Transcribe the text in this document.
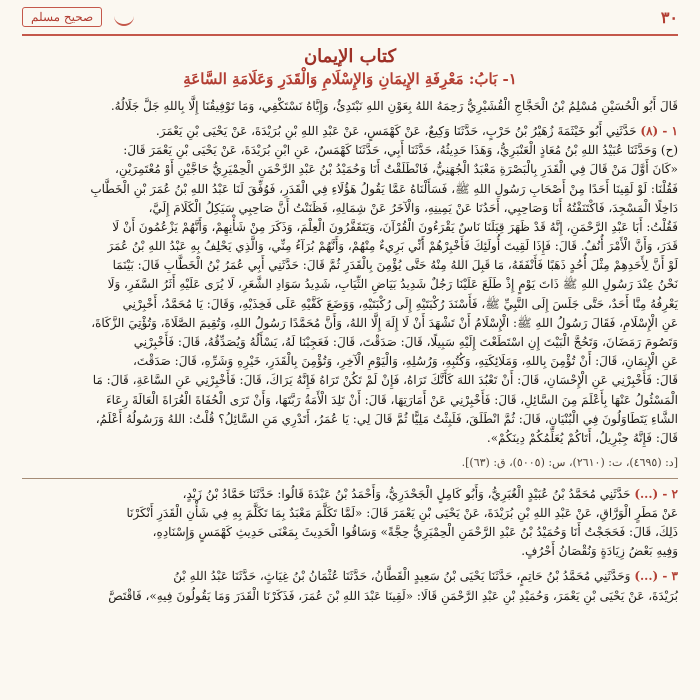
صحيح مسلم	٣٠
كتاب الإيمان
١- بَابُ: مَعْرِفَةِ الإِيمَانِ وَالإِسْلَامِ وَالْقَدَرِ وَعَلَامَةِ السَّاعَةِ

قَالَ أَبُو الْحُسَيْنِ مُسْلِمُ بْنُ الْحَجَّاجِ الْقُشَيْرِيُّ رَحِمَهُ اللهُ بِعَوْنِ اللهِ نَبْتَدِئُ، وَإِيَّاهُ نَسْتَكْفِي، وَمَا تَوْفِيقُنَا إِلَّا بِاللهِ جَلَّ جَلَالُهُ.

١ - (٨) حَدَّثَنِي أَبُو خَيْثَمَةَ زُهَيْرُ بْنُ حَرْبٍ، حَدَّثَنَا وَكِيعٌ، عَنْ كَهْمَسٍ، عَنْ عَبْدِ اللهِ بْنِ بُرَيْدَةَ، عَنْ يَحْيَى بْنِ يَعْمَرَ.
(ح) وَحَدَّثَنَا عُبَيْدُ اللهِ بْنُ مُعَاذٍ الْعَنْبَرِيُّ، وَهَذَا حَدِيثُهُ، حَدَّثَنَا أَبِي، حَدَّثَنَا كَهْمَسٌ، عَنِ ابْنِ بُرَيْدَةَ، عَنْ يَحْيَى بْنِ يَعْمَرَ قَالَ:
«كَانَ أَوَّلَ مَنْ قَالَ فِي الْقَدَرِ بِالْبَصْرَةِ مَعْبَدٌ الْجُهَنِيُّ، فَانْطَلَقْتُ أَنَا وَحُمَيْدُ بْنُ عَبْدِ الرَّحْمَنِ الْحِمْيَرِيُّ حَاجَّيْنِ أَوْ مُعْتَمِرَيْنِ،
فَقُلْنَا: لَوْ لَقِينَا أَحَدًا مِنْ أَصْحَابِ رَسُولِ اللهِ ﷺ، فَسَأَلْنَاهُ عَمَّا يَقُولُ هَؤُلَاءِ فِي الْقَدَرِ، فَوُفِّقَ لَنَا عَبْدُ اللهِ بْنُ عُمَرَ بْنِ الْخَطَّابِ
دَاخِلًا الْمَسْجِدَ، فَاكْتَنَفْتُهُ أَنَا وَصَاحِبِي، أَحَدُنَا عَنْ يَمِينِهِ، وَالْآخَرُ عَنْ شِمَالِهِ، فَظَنَنْتُ أَنَّ صَاحِبِي سَيَكِلُ الْكَلَامَ إِلَيَّ،
فَقُلْتُ: أَبَا عَبْدِ الرَّحْمَنِ، إِنَّهُ قَدْ ظَهَرَ قِبَلَنَا نَاسٌ يَقْرَءُونَ الْقُرْآنَ، وَيَتَقَفَّرُونَ الْعِلْمَ، وَذَكَرَ مِنْ شَأْنِهِمْ، وَأَنَّهُمْ يَزْعُمُونَ أَنْ لَا
قَدَرَ، وَأَنَّ الْأَمْرَ أُنُفٌ. قَالَ: فَإِذَا لَقِيتَ أُولَئِكَ فَأَخْبِرْهُمْ أَنِّي بَرِيءٌ مِنْهُمْ، وَأَنَّهُمْ بُرَآءُ مِنِّي، وَالَّذِي يَحْلِفُ بِهِ عَبْدُ اللهِ بْنُ عُمَرَ
لَوْ أَنَّ لِأَحَدِهِمْ مِثْلَ أُحُدٍ ذَهَبًا فَأَنْفَقَهُ، مَا قَبِلَ اللهُ مِنْهُ حَتَّى يُؤْمِنَ بِالْقَدَرِ ثُمَّ قَالَ: حَدَّثَنِي أَبِي عُمَرُ بْنُ الْخَطَّابِ قَالَ: بَيْنَمَا
نَحْنُ عِنْدَ رَسُولِ اللهِ ﷺ ذَاتَ يَوْمٍ إِذْ طَلَعَ عَلَيْنَا رَجُلٌ شَدِيدُ بَيَاضِ الثِّيَابِ، شَدِيدُ سَوَادِ الشَّعَرِ، لَا يُرَى عَلَيْهِ أَثَرُ السَّفَرِ، وَلَا
يَعْرِفُهُ مِنَّا أَحَدٌ، حَتَّى جَلَسَ إِلَى النَّبِيِّ ﷺ، فَأَسْنَدَ رُكْبَتَيْهِ إِلَى رُكْبَتَيْهِ، وَوَضَعَ كَفَّيْهِ عَلَى فَخِذَيْهِ، وَقَالَ: يَا مُحَمَّدُ، أَخْبِرْنِي
عَنِ الْإِسْلَامِ، فَقَالَ رَسُولُ اللهِ ﷺ: الْإِسْلَامُ أَنْ تَشْهَدَ أَنْ لَا إِلَهَ إِلَّا اللهُ، وَأَنَّ مُحَمَّدًا رَسُولُ اللهِ، وَتُقِيمَ الصَّلَاةَ، وَتُؤْتِيَ الزَّكَاةَ،
وَتَصُومَ رَمَضَانَ، وَتَحُجَّ الْبَيْتَ إِنِ اسْتَطَعْتَ إِلَيْهِ سَبِيلًا، قَالَ: صَدَقْتَ، قَالَ: فَعَجِبْنَا لَهُ، يَسْأَلُهُ وَيُصَدِّقُهُ، قَالَ: فَأَخْبِرْنِي
عَنِ الْإِيمَانِ، قَالَ: أَنْ تُؤْمِنَ بِاللهِ، وَمَلَائِكَتِهِ، وَكُتُبِهِ، وَرُسُلِهِ، وَالْيَوْمِ الْآخِرِ، وَتُؤْمِنَ بِالْقَدَرِ، خَيْرِهِ وَشَرِّهِ، قَالَ: صَدَقْتَ،
قَالَ: فَأَخْبِرْنِي عَنِ الْإِحْسَانِ، قَالَ: أَنْ تَعْبُدَ اللهَ كَأَنَّكَ تَرَاهُ، فَإِنْ لَمْ تَكُنْ تَرَاهُ فَإِنَّهُ يَرَاكَ، قَالَ: فَأَخْبِرْنِي عَنِ السَّاعَةِ، قَالَ: مَا
الْمَسْئُولُ عَنْهَا بِأَعْلَمَ مِنَ السَّائِلِ، قَالَ: فَأَخْبِرْنِي عَنْ أَمَارَتِهَا، قَالَ: أَنْ تَلِدَ الْأَمَةُ رَبَّتَهَا، وَأَنْ تَرَى الْحُفَاةَ الْعُرَاةَ الْعَالَةَ رِعَاءَ
الشَّاءِ يَتَطَاوَلُونَ فِي الْبُنْيَانِ، قَالَ: ثُمَّ انْطَلَقَ، فَلَبِثْتُ مَلِيًّا ثُمَّ قَالَ لِي: يَا عُمَرُ، أَتَدْرِي مَنِ السَّائِلُ؟ قُلْتُ: اللهُ وَرَسُولُهُ أَعْلَمُ،
قَالَ: فَإِنَّهُ جِبْرِيلُ، أَتَاكُمْ يُعَلِّمُكُمْ دِينَكُمْ».

[د: (٤٦٩٥)، ت: (٢٦١٠)، س: (٥٠٠٥)، ق: (٦٣)].

٢ - (...) حَدَّثَنِي مُحَمَّدُ بْنُ عُبَيْدٍ الْغُبَرِيُّ، وَأَبُو كَامِلٍ الْجَحْدَرِيُّ، وَأَحْمَدُ بْنُ عَبْدَةَ قَالُوا: حَدَّثَنَا حَمَّادُ بْنُ زَيْدٍ،
عَنْ مَطَرٍ الْوَرَّاقِ، عَنْ عَبْدِ اللهِ بْنِ بُرَيْدَةَ، عَنْ يَحْيَى بْنِ يَعْمَرَ قَالَ: «لَمَّا تَكَلَّمَ مَعْبَدٌ بِمَا تَكَلَّمَ بِهِ فِي شَأْنِ الْقَدَرِ أَنْكَرْنَا
ذَلِكَ، قَالَ: فَحَجَجْتُ أَنَا وَحُمَيْدُ بْنُ عَبْدِ الرَّحْمَنِ الْحِمْيَرِيُّ حِجَّةً» وَسَاقُوا الْحَدِيثَ بِمَعْنَى حَدِيثِ كَهْمَسٍ وَإِسْنَادِهِ،
وَفِيهِ بَعْضُ زِيَادَةٍ وَنُقْصَانُ أَحْرُفٍ.

٣ - (...) وَحَدَّثَنِي مُحَمَّدُ بْنُ حَاتِمٍ، حَدَّثَنَا يَحْيَى بْنُ سَعِيدٍ الْقَطَّانُ، حَدَّثَنَا عُثْمَانُ بْنُ غِيَاثٍ، حَدَّثَنَا عَبْدُ اللهِ بْنُ
بُرَيْدَةَ، عَنْ يَحْيَى بْنِ يَعْمَرَ، وَحُمَيْدِ بْنِ عَبْدِ الرَّحْمَنِ قَالَا: «لَقِينَا عَبْدَ اللهِ بْنَ عُمَرَ، فَذَكَرْنَا الْقَدَرَ وَمَا يَقُولُونَ فِيهِ»، فَاقْتَصَّ
